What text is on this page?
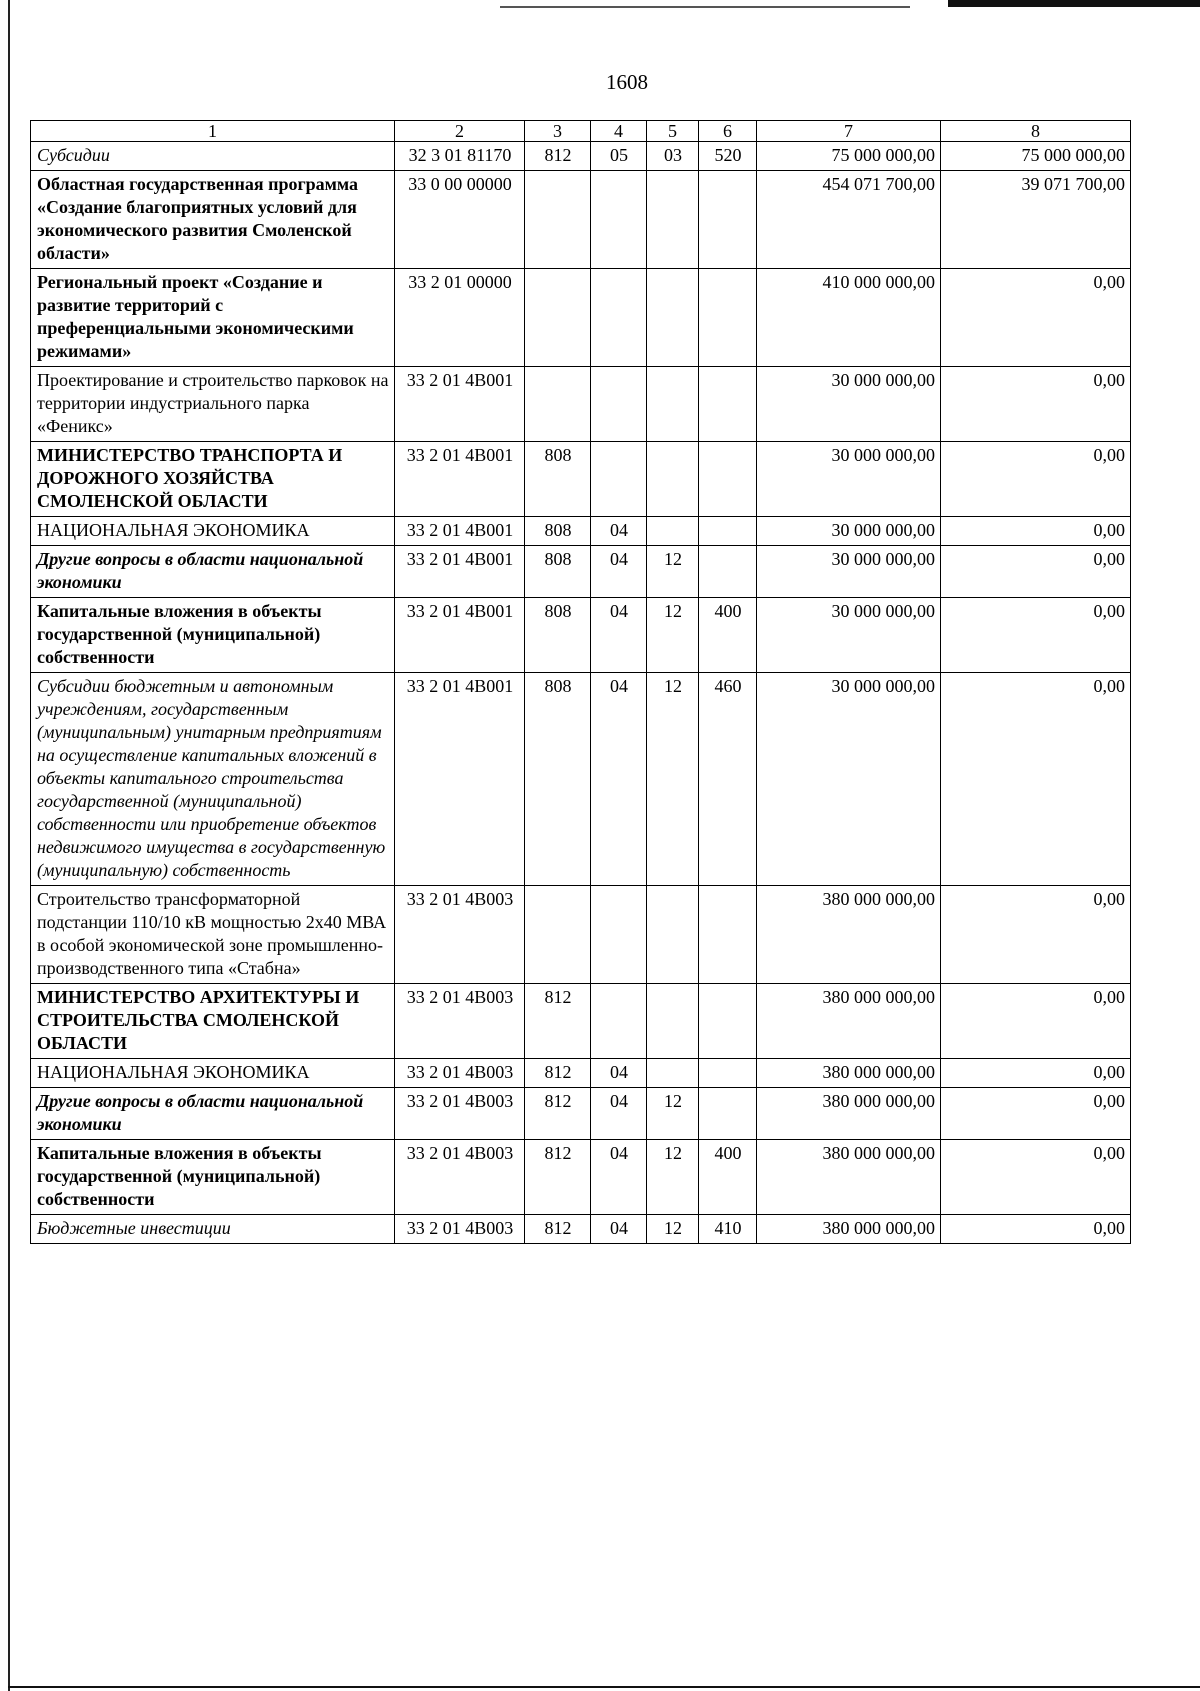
1608
1	2	3	4	5	6	7	8
Субсидии	32 3 01 81170	812	05	03	520	75 000 000,00	75 000 000,00
Областная государственная программа «Создание благоприятных условий для экономического развития Смоленской области»	33 0 00 00000					454 071 700,00	39 071 700,00
Региональный проект «Создание и развитие территорий с преференциальными экономическими режимами»	33 2 01 00000					410 000 000,00	0,00
Проектирование и строительство парковок на территории индустриального парка «Феникс»	33 2 01 4В001					30 000 000,00	0,00
МИНИСТЕРСТВО ТРАНСПОРТА И ДОРОЖНОГО ХОЗЯЙСТВА СМОЛЕНСКОЙ ОБЛАСТИ	33 2 01 4В001	808				30 000 000,00	0,00
НАЦИОНАЛЬНАЯ ЭКОНОМИКА	33 2 01 4В001	808	04			30 000 000,00	0,00
Другие вопросы в области национальной экономики	33 2 01 4В001	808	04	12		30 000 000,00	0,00
Капитальные вложения в объекты государственной (муниципальной) собственности	33 2 01 4В001	808	04	12	400	30 000 000,00	0,00
Субсидии бюджетным и автономным учреждениям, государственным (муниципальным) унитарным предприятиям на осуществление капитальных вложений в объекты капитального строительства государственной (муниципальной) собственности или приобретение объектов недвижимого имущества в государственную (муниципальную) собственность	33 2 01 4В001	808	04	12	460	30 000 000,00	0,00
Строительство трансформаторной подстанции 110/10 кВ мощностью 2x40 МВА в особой экономической зоне промышленно-производственного типа «Стабна»	33 2 01 4В003					380 000 000,00	0,00
МИНИСТЕРСТВО АРХИТЕКТУРЫ И СТРОИТЕЛЬСТВА СМОЛЕНСКОЙ ОБЛАСТИ	33 2 01 4В003	812				380 000 000,00	0,00
НАЦИОНАЛЬНАЯ ЭКОНОМИКА	33 2 01 4В003	812	04			380 000 000,00	0,00
Другие вопросы в области национальной экономики	33 2 01 4В003	812	04	12		380 000 000,00	0,00
Капитальные вложения в объекты государственной (муниципальной) собственности	33 2 01 4В003	812	04	12	400	380 000 000,00	0,00
Бюджетные инвестиции	33 2 01 4В003	812	04	12	410	380 000 000,00	0,00
